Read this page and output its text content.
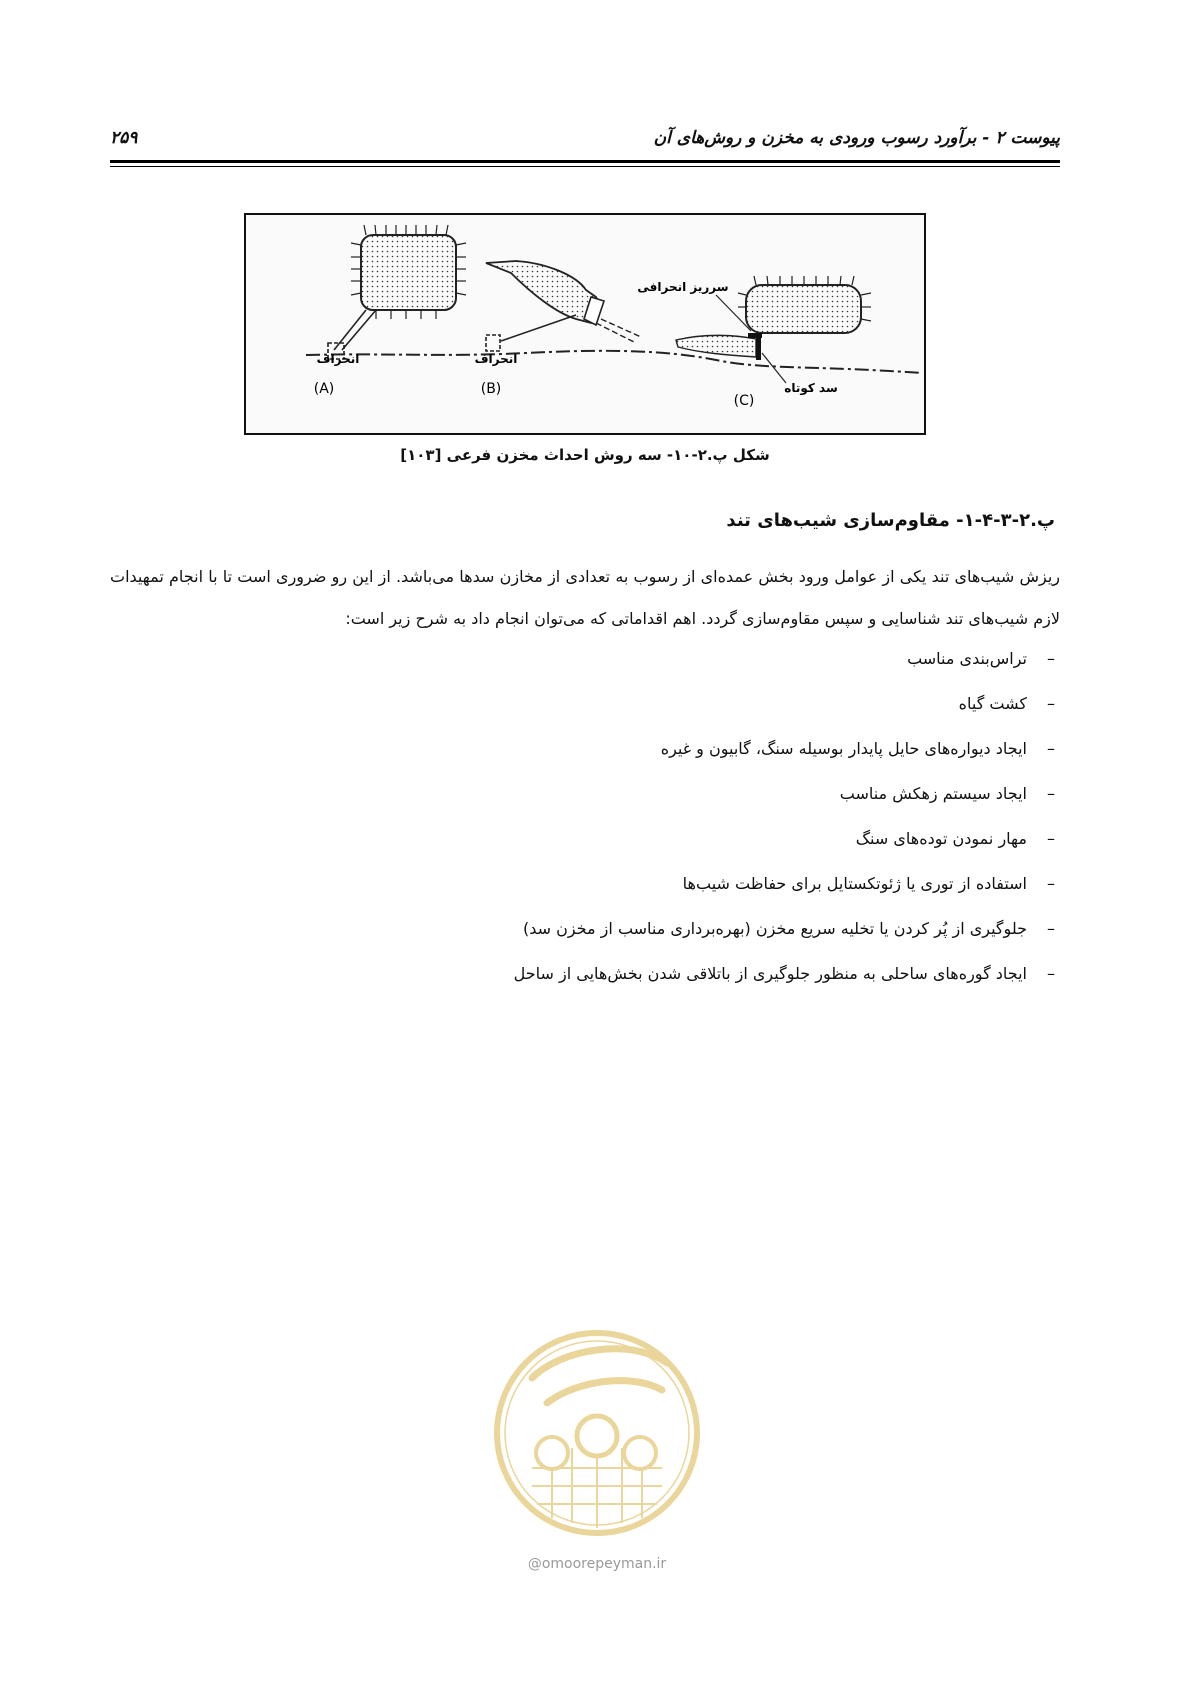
پیوست ۲ - برآورد رسوب ورودی به مخزن و روش‌های آن
۲۵۹
انحراف
(A)
انحراف
(B)
سرریز انحرافی
سد کوتاه
(C)
شکل پ.۲-۱۰- سه روش احداث مخزن فرعی [۱۰۳]
پ.۲-۳-۴-۱- مقاوم‌سازی شیب‌های تند
ریزش شیب‌های تند یکی از عوامل ورود بخش عمده‌ای از رسوب به تعدادی از مخازن سدها می‌باشد. از این رو ضروری است تا با انجام تمهیدات لازم شیب‌های تند شناسایی و سپس مقاوم‌سازی گردد. اهم اقداماتی که می‌توان انجام داد به شرح زیر است:
–تراس‌بندی مناسب
–کشت گیاه
–ایجاد دیواره‌های حایل پایدار بوسیله سنگ، گابیون و غیره
–ایجاد سیستم زهکش مناسب
–مهار نمودن توده‌های سنگ
–استفاده از توری یا ژئوتکستایل برای حفاظت شیب‌ها
–جلوگیری از پُر کردن یا تخلیه سریع مخزن (بهره‌برداری مناسب از مخزن سد)
–ایجاد گوره‌های ساحلی به منظور جلوگیری از باتلاقی شدن بخش‌هایی از ساحل
@omoorepeyman.ir
